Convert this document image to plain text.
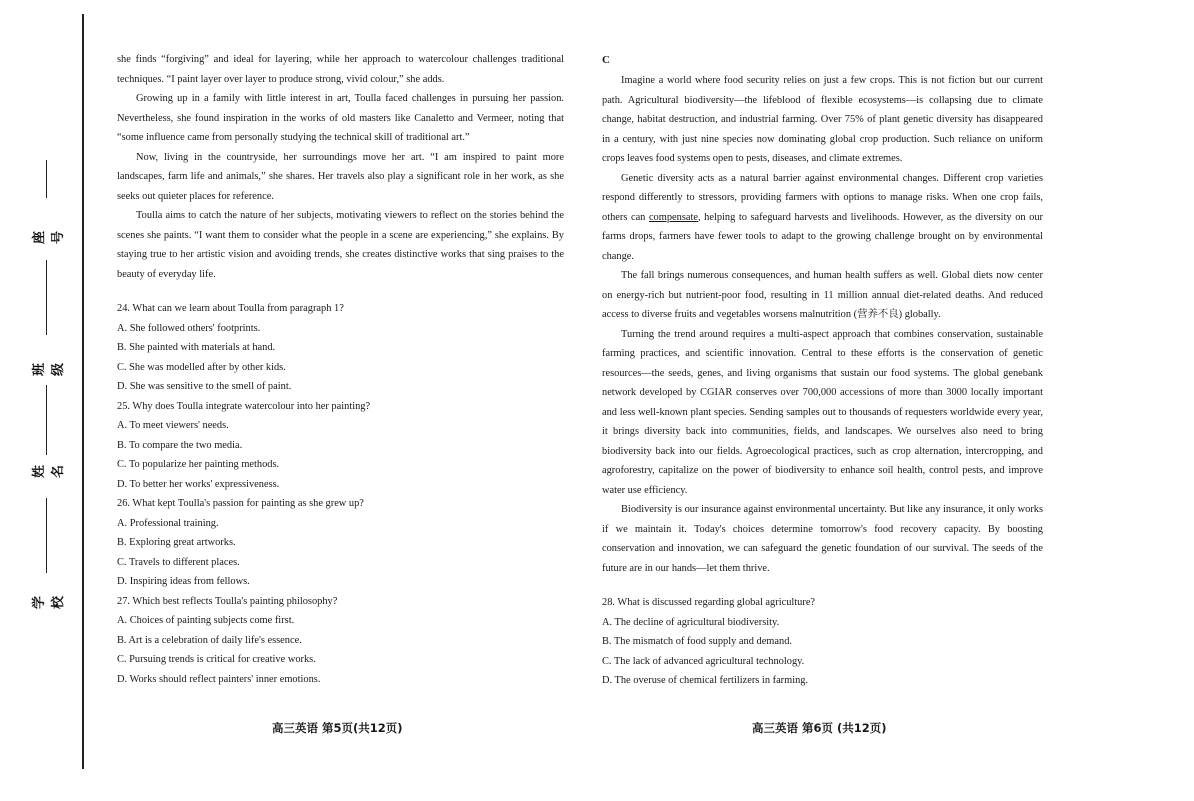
座号
班级
姓名
学校

she finds “forgiving” and ideal for layering, while her approach to watercolour challenges traditional techniques. “I paint layer over layer to produce strong, vivid colour,” she adds.

Growing up in a family with little interest in art, Toulla faced challenges in pursuing her passion. Nevertheless, she found inspiration in the works of old masters like Canaletto and Vermeer, noting that “some influence came from personally studying the technical skill of traditional art.”

Now, living in the countryside, her surroundings move her art. “I am inspired to paint more landscapes, farm life and animals,” she shares. Her travels also play a significant role in her work, as she seeks out quieter places for reference.

Toulla aims to catch the nature of her subjects, motivating viewers to reflect on the stories behind the scenes she paints. “I want them to consider what the people in a scene are experiencing,” she explains. By staying true to her artistic vision and avoiding trends, she creates distinctive works that sing praises to the beauty of everyday life.

24. What can we learn about Toulla from paragraph 1?

A. She followed others' footprints.

B. She painted with materials at hand.

C. She was modelled after by other kids.

D. She was sensitive to the smell of paint.

25. Why does Toulla integrate watercolour into her painting?

A. To meet viewers' needs.

B. To compare the two media.

C. To popularize her painting methods.

D. To better her works' expressiveness.

26. What kept Toulla's passion for painting as she grew up?

A. Professional training.

B. Exploring great artworks.

C. Travels to different places.

D. Inspiring ideas from fellows.

27. Which best reflects Toulla's painting philosophy?

A. Choices of painting subjects come first.

B. Art is a celebration of daily life's essence.

C. Pursuing trends is critical for creative works.

D. Works should reflect painters' inner emotions.

C

Imagine a world where food security relies on just a few crops. This is not fiction but our current path. Agricultural biodiversity—the lifeblood of flexible ecosystems—is collapsing due to climate change, habitat destruction, and industrial farming. Over 75% of plant genetic diversity has disappeared in a century, with just nine species now dominating global crop production. Such reliance on uniform crops leaves food systems open to pests, diseases, and climate extremes.

Genetic diversity acts as a natural barrier against environmental changes. Different crop varieties respond differently to stressors, providing farmers with options to manage risks. When one crop fails, others can compensate, helping to safeguard harvests and livelihoods. However, as the diversity on our farms drops, farmers have fewer tools to adapt to the growing challenge brought on by environmental change.

The fall brings numerous consequences, and human health suffers as well. Global diets now center on energy-rich but nutrient-poor food, resulting in 11 million annual diet-related deaths. And reduced access to diverse fruits and vegetables worsens malnutrition (营养不良) globally.

Turning the trend around requires a multi-aspect approach that combines conservation, sustainable farming practices, and scientific innovation. Central to these efforts is the conservation of genetic resources—the seeds, genes, and living organisms that sustain our food systems. The global genebank network developed by CGIAR conserves over 700,000 accessions of more than 3000 locally important and less well-known plant species. Sending samples out to thousands of requesters worldwide every year, it brings diversity back into communities, fields, and landscapes. We ourselves also need to bring biodiversity back into our fields. Agroecological practices, such as crop alternation, intercropping, and agroforestry, capitalize on the power of biodiversity to enhance soil health, control pests, and improve water use efficiency.

Biodiversity is our insurance against environmental uncertainty. But like any insurance, it only works if we maintain it. Today's choices determine tomorrow's food recovery capacity. By boosting conservation and innovation, we can safeguard the genetic foundation of our survival. The seeds of the future are in our hands—let them thrive.

28. What is discussed regarding global agriculture?

A. The decline of agricultural biodiversity.

B. The mismatch of food supply and demand.

C. The lack of advanced agricultural technology.

D. The overuse of chemical fertilizers in farming.

高三英语 第5页(共12页)	高三英语 第6页 (共12页)
